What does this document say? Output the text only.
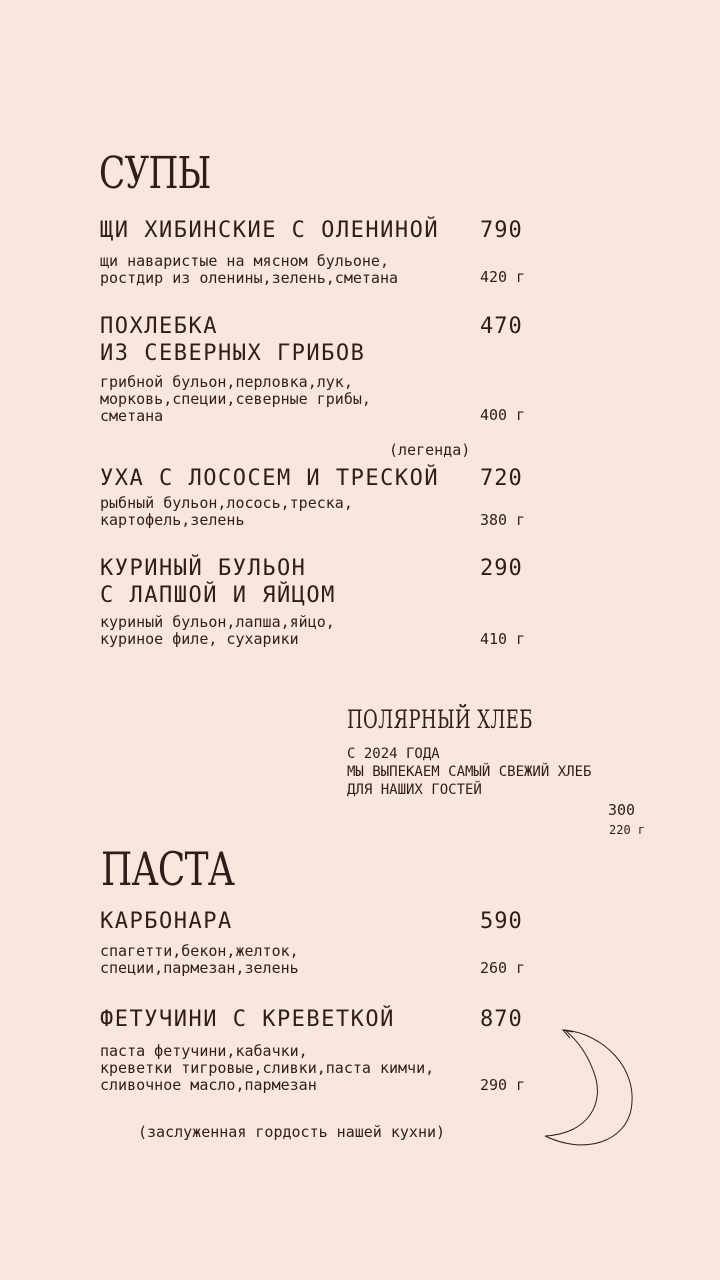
СУПЫ
ЩИ ХИБИНСКИЕ С ОЛЕНИНОЙ 790
щи наваристые на мясном бульоне,
ростдир из оленины,зелень,сметана	420 г
ПОХЛЕБКА
ИЗ СЕВЕРНЫХ ГРИБОВ
470
грибной бульон,перловка,лук,
морковь,специи,северные грибы,
сметана	400 г
(легенда)
УХА С ЛОСОСЕМ И ТРЕСКОЙ 720
рыбный бульон,лосось,треска,
картофель,зелень	380 г
КУРИНЫЙ БУЛЬОН
С ЛАПШОЙ И ЯЙЦОМ
290
куриный бульон,лапша,яйцо,
куриное филе, сухарики	410 г
ПОЛЯРНЫЙ ХЛЕБ
С 2024 ГОДА
МЫ ВЫПЕКАЕМ САМЫЙ СВЕЖИЙ ХЛЕБ
ДЛЯ НАШИХ ГОСТЕЙ
300
220 г
ПАСТА
КАРБОНАРА	590
спагетти,бекон,желток,
специи,пармезан,зелень	260 г
ФЕТУЧИНИ С КРЕВЕТКОЙ	870
паста фетучини,кабачки,
креветки тигровые,сливки,паста кимчи,
сливочное масло,пармезан	290 г
(заслуженная гордость нашей кухни)
